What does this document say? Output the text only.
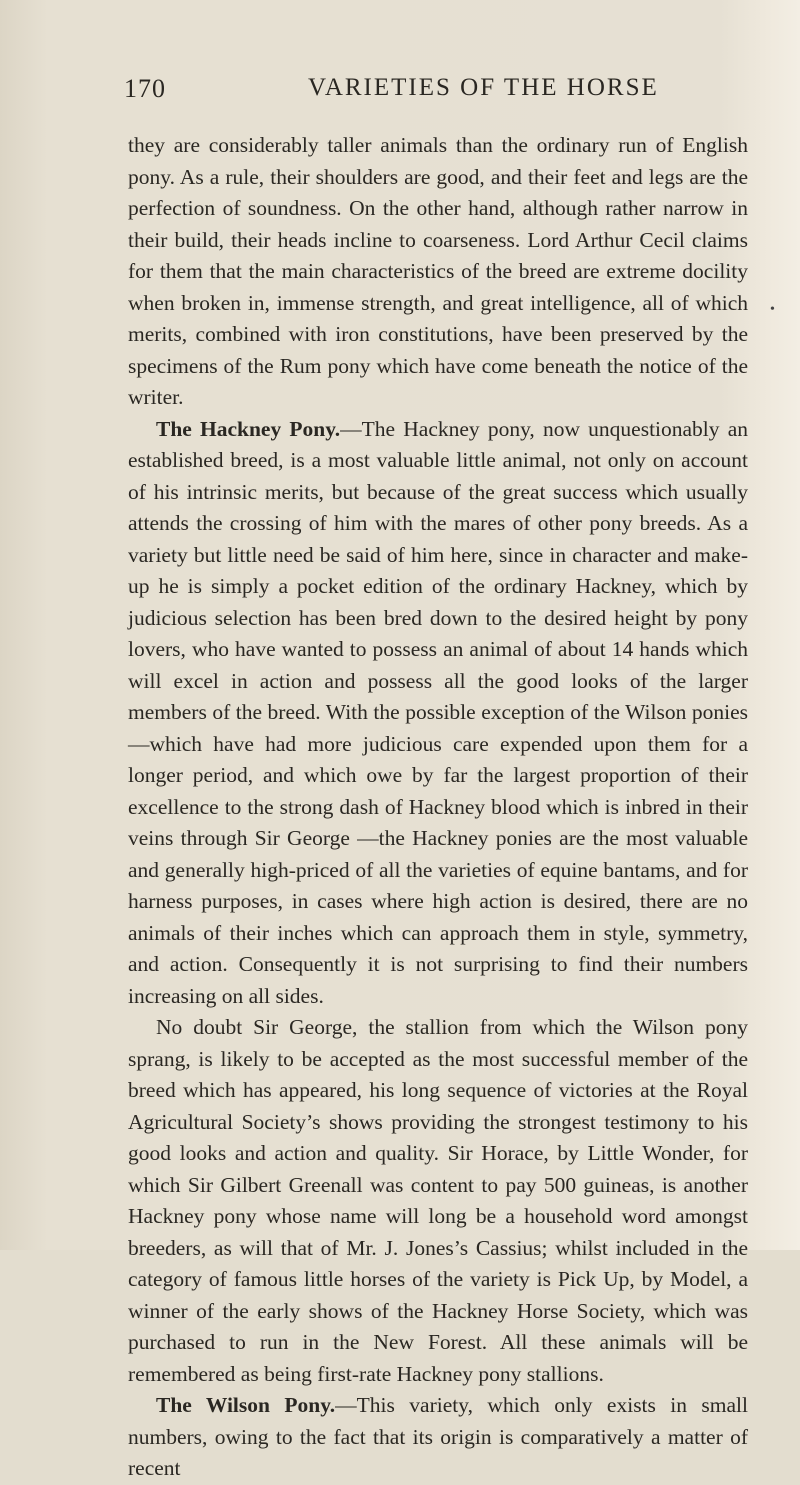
170	VARIETIES OF THE HORSE

they are considerably taller animals than the ordinary run of English pony. As a rule, their shoulders are good, and their feet and legs are the perfection of soundness. On the other hand, although rather narrow in their build, their heads incline to coarseness. Lord Arthur Cecil claims for them that the main characteristics of the breed are extreme docility when broken in, immense strength, and great intelligence, all of which merits, combined with iron constitutions, have been preserved by the specimens of the Rum pony which have come beneath the notice of the writer.

The Hackney Pony.—The Hackney pony, now unquestionably an established breed, is a most valuable little animal, not only on account of his intrinsic merits, but because of the great success which usually attends the crossing of him with the mares of other pony breeds. As a variety but little need be said of him here, since in character and make-up he is simply a pocket edition of the ordinary Hackney, which by judicious selection has been bred down to the desired height by pony lovers, who have wanted to possess an animal of about 14 hands which will excel in action and possess all the good looks of the larger members of the breed. With the possible exception of the Wilson ponies—which have had more judicious care expended upon them for a longer period, and which owe by far the largest proportion of their excellence to the strong dash of Hackney blood which is inbred in their veins through Sir George —the Hackney ponies are the most valuable and generally high-priced of all the varieties of equine bantams, and for harness purposes, in cases where high action is desired, there are no animals of their inches which can approach them in style, symmetry, and action. Consequently it is not surprising to find their numbers increasing on all sides.

No doubt Sir George, the stallion from which the Wilson pony sprang, is likely to be accepted as the most successful member of the breed which has appeared, his long sequence of victories at the Royal Agricultural Society’s shows providing the strongest testimony to his good looks and action and quality. Sir Horace, by Little Wonder, for which Sir Gilbert Greenall was content to pay 500 guineas, is another Hackney pony whose name will long be a household word amongst breeders, as will that of Mr. J. Jones’s Cassius; whilst included in the category of famous little horses of the variety is Pick Up, by Model, a winner of the early shows of the Hackney Horse Society, which was purchased to run in the New Forest. All these animals will be remembered as being first-rate Hackney pony stallions.

The Wilson Pony.—This variety, which only exists in small numbers, owing to the fact that its origin is comparatively a matter of recent

•
